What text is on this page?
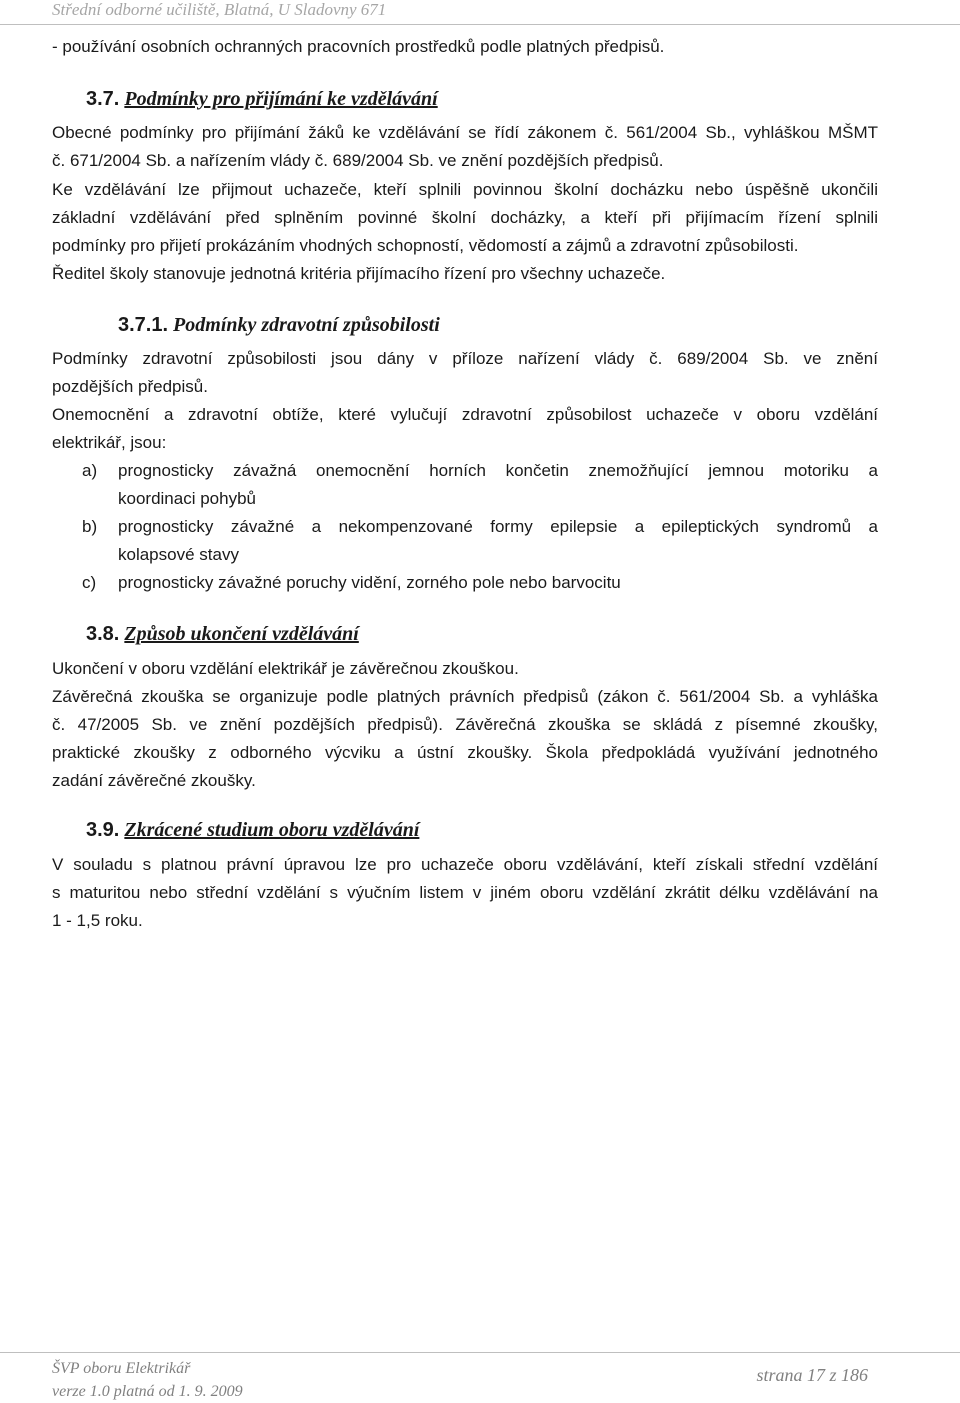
Střední odborné učiliště, Blatná, U Sladovny 671

- používání osobních ochranných pracovních prostředků podle platných předpisů.

3.7. Podmínky pro přijímání ke vzdělávání

Obecné podmínky pro přijímání žáků ke vzdělávání se řídí zákonem č. 561/2004 Sb., vyhláškou MŠMT

č. 671/2004 Sb. a nařízením vlády č. 689/2004 Sb. ve znění pozdějších předpisů.

Ke vzdělávání lze přijmout uchazeče, kteří splnili povinnou školní docházku nebo úspěšně ukončili

základní vzdělávání před splněním povinné školní docházky, a kteří při přijímacím řízení splnili

podmínky pro přijetí prokázáním vhodných schopností, vědomostí a zájmů a zdravotní způsobilosti.

Ředitel školy stanovuje jednotná kritéria přijímacího řízení pro všechny uchazeče.

3.7.1. Podmínky zdravotní způsobilosti

Podmínky zdravotní způsobilosti jsou dány v příloze nařízení vlády č. 689/2004 Sb. ve znění

pozdějších předpisů.

Onemocnění a zdravotní obtíže, které vylučují zdravotní způsobilost uchazeče v oboru vzdělání

elektrikář, jsou:

a) prognosticky závažná onemocnění horních končetin znemožňující jemnou motoriku a

koordinaci pohybů

b) prognosticky závažné a nekompenzované formy epilepsie a epileptických syndromů a

kolapsové stavy

c) prognosticky závažné poruchy vidění, zorného pole nebo barvocitu

3.8. Způsob ukončení vzdělávání

Ukončení v oboru vzdělání elektrikář je závěrečnou zkouškou.

Závěrečná zkouška se organizuje podle platných právních předpisů (zákon č. 561/2004 Sb. a vyhláška

č. 47/2005 Sb. ve znění pozdějších předpisů). Závěrečná zkouška se skládá z písemné zkoušky,

praktické zkoušky z odborného výcviku a ústní zkoušky. Škola předpokládá využívání jednotného

zadání závěrečné zkoušky.

3.9. Zkrácené studium oboru vzdělávání

V souladu s platnou právní úpravou lze pro uchazeče oboru vzdělávání, kteří získali střední vzdělání

s maturitou nebo střední vzdělání s výučním listem v jiném oboru vzdělání zkrátit délku vzdělávání na

1 - 1,5 roku.

ŠVP oboru Elektrikář
verze 1.0 platná od 1. 9. 2009
strana 17 z 186
